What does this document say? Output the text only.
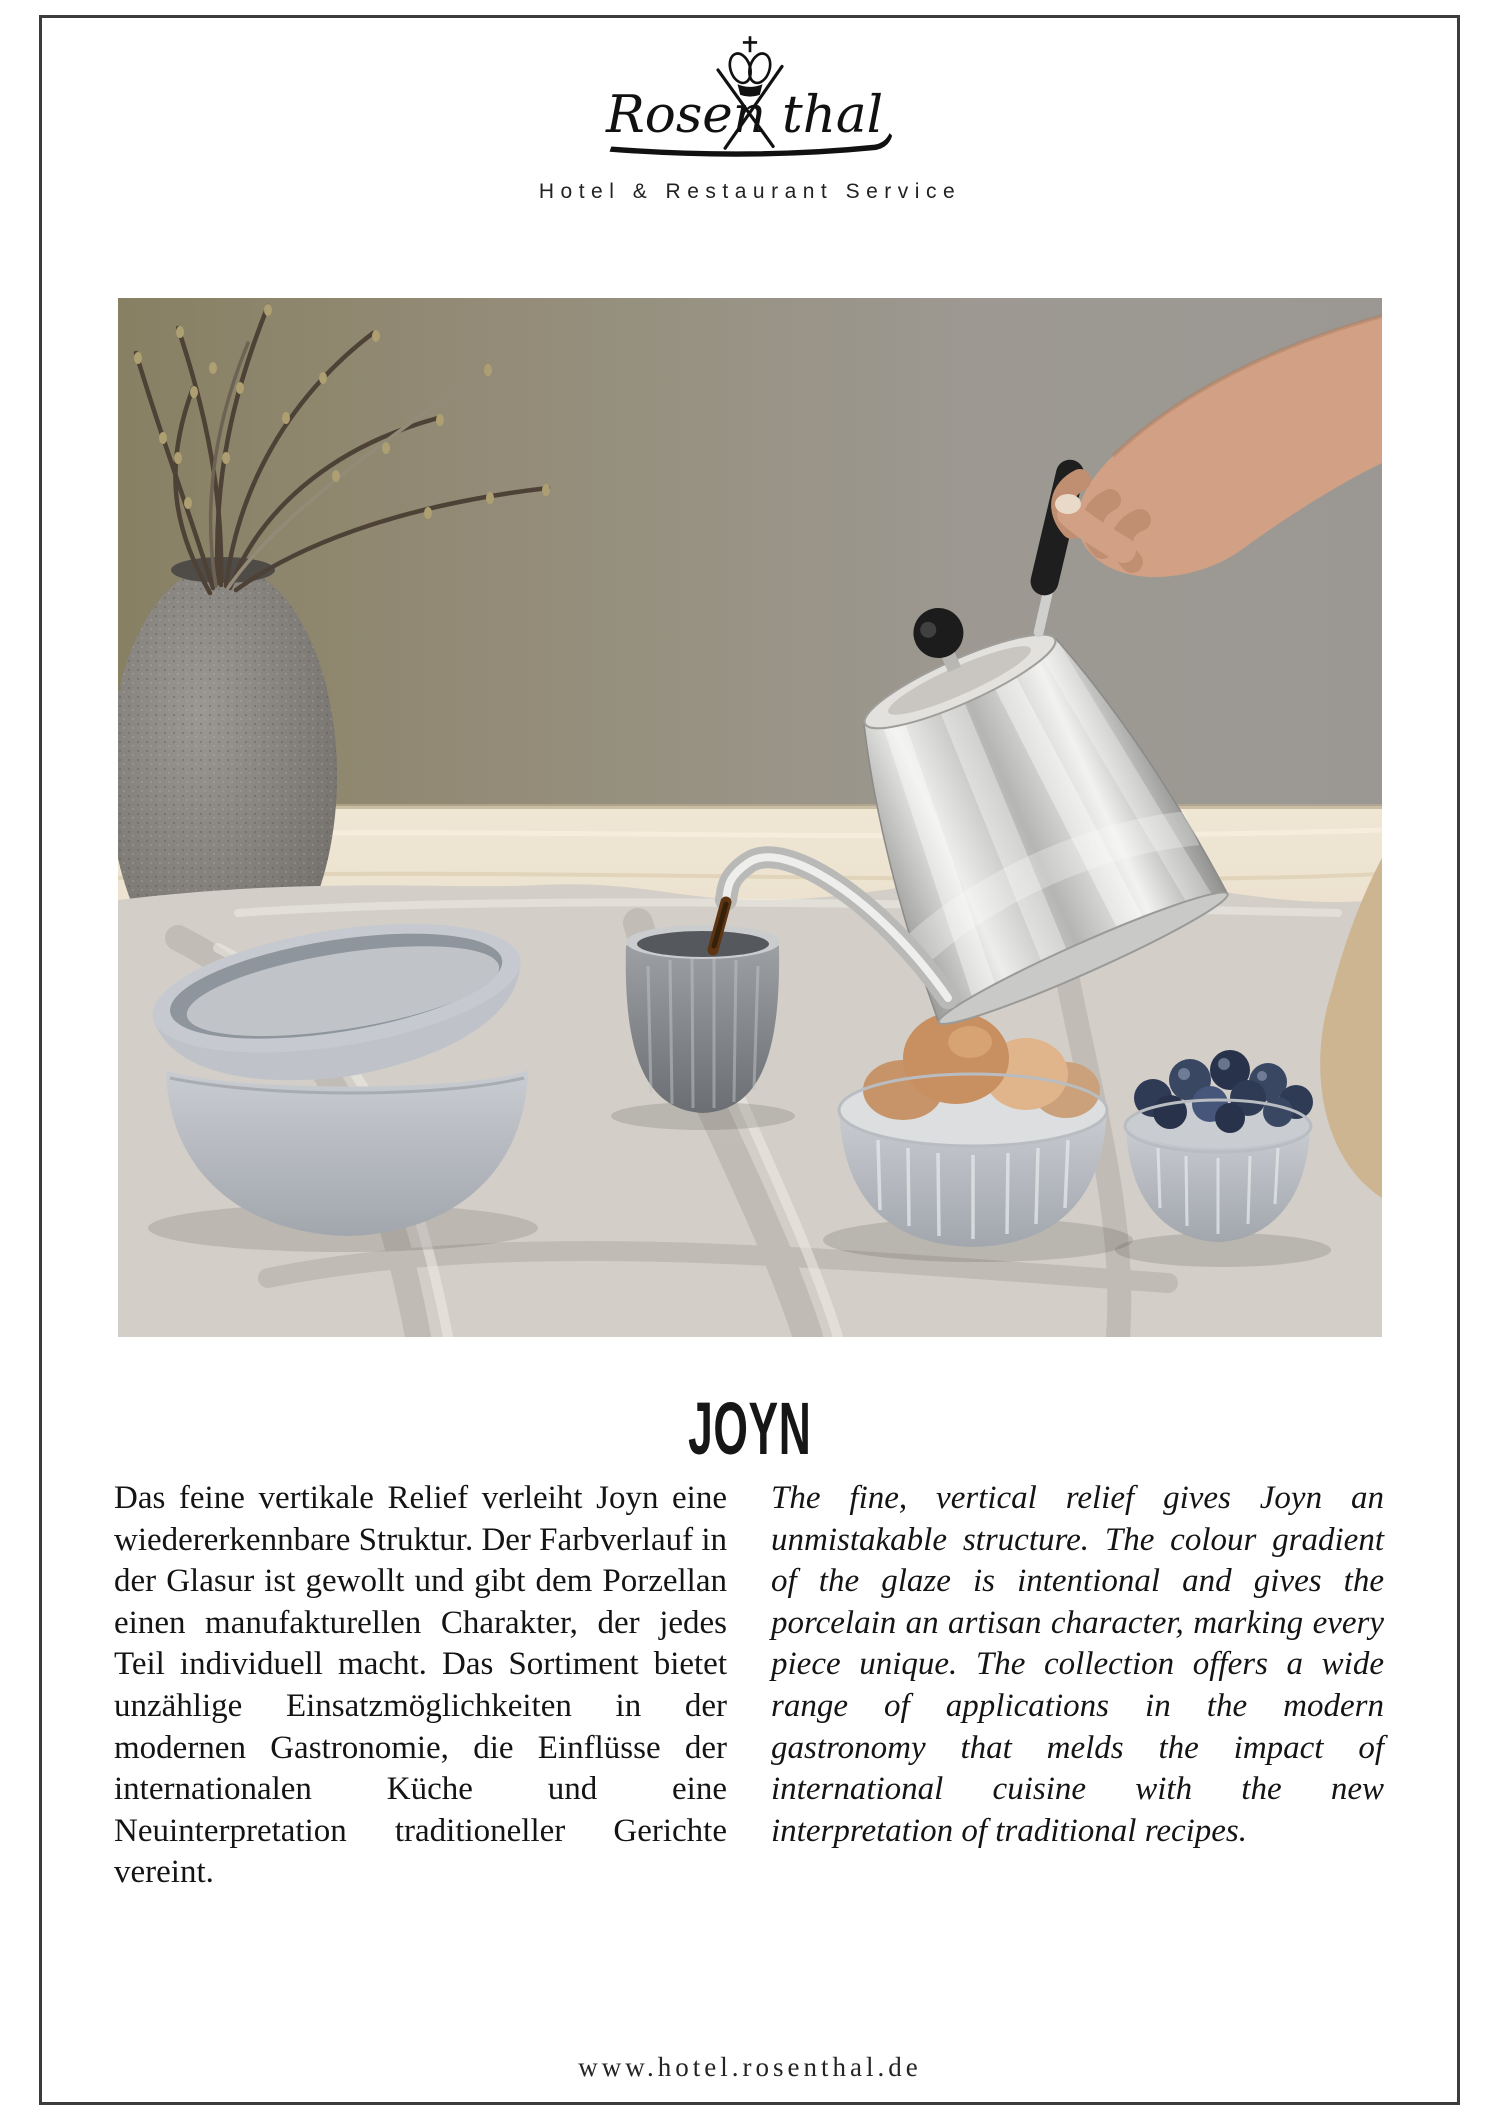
Rosen thal
Hotel & Restaurant Service
JOYN

Das feine vertikale Relief verleiht Joyn eine wiedererkennbare Struktur. Der Farbverlauf in der Glasur ist gewollt und gibt dem Porzellan einen manufakturellen Charakter, der jedes Teil individuell macht. Das Sortiment bietet unzählige Einsatzmöglichkeiten in der modernen Gastronomie, die Einflüsse der internationalen Küche und eine Neuinterpretation traditioneller Gerichte vereint.

The fine, vertical relief gives Joyn an unmistakable structure. The colour gradient of the glaze is intentional and gives the porcelain an artisan character, marking every piece unique. The collection offers a wide range of applications in the modern gastronomy that melds the impact of international cuisine with the new interpretation of traditional recipes.

www.hotel.rosenthal.de
